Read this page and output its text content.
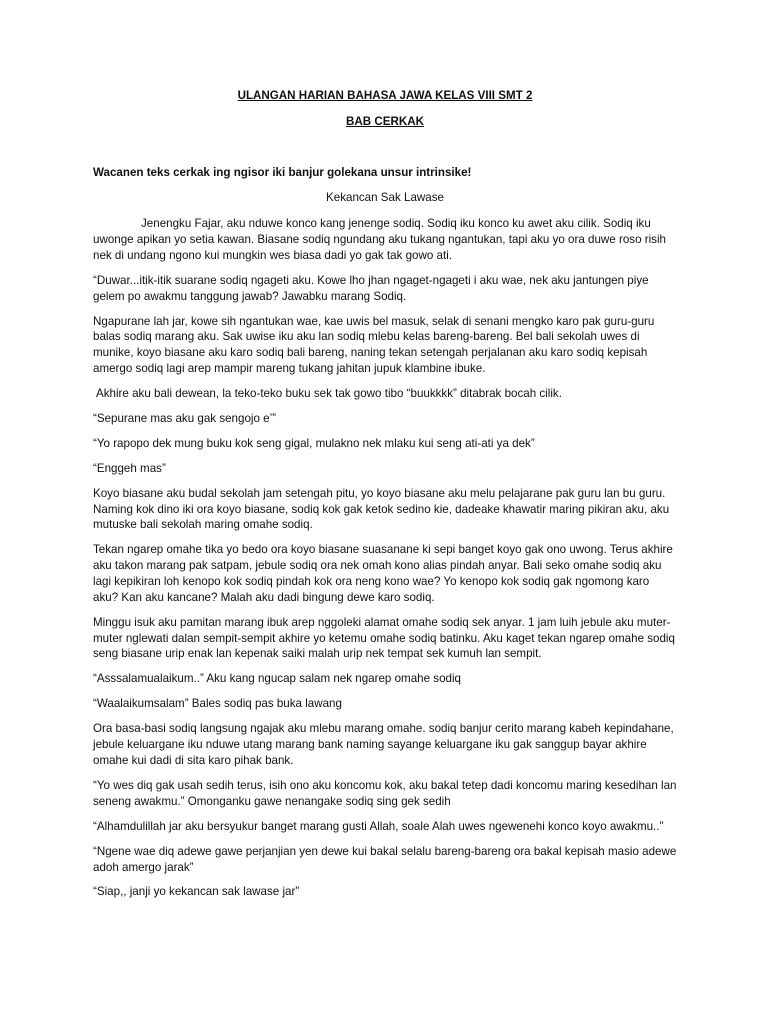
ULANGAN HARIAN BAHASA JAWA KELAS VIII SMT 2

BAB CERKAK

Wacanen teks cerkak ing ngisor iki banjur golekana unsur intrinsike!

Kekancan Sak Lawase

Jenengku Fajar, aku nduwe konco kang jenenge sodiq. Sodiq iku konco ku awet aku cilik. Sodiq iku uwonge apikan yo setia kawan. Biasane sodiq ngundang aku tukang ngantukan, tapi aku yo ora duwe roso risih nek di undang ngono kui mungkin wes biasa dadi yo gak tak gowo ati.

“Duwar...itik-itik suarane sodiq ngageti aku. Kowe lho jhan ngaget-ngageti i aku wae, nek aku jantungen piye gelem po awakmu tanggung jawab? Jawabku marang Sodiq.

Ngapurane lah jar, kowe sih ngantukan wae, kae uwis bel masuk, selak di senani mengko karo pak guru-guru balas sodiq marang aku. Sak uwise iku aku lan sodiq mlebu kelas bareng-bareng. Bel bali sekolah uwes di munike, koyo biasane aku karo sodiq bali bareng, naning tekan setengah perjalanan aku karo sodiq kepisah amergo sodiq lagi arep mampir mareng tukang jahitan jupuk klambine ibuke.

Akhire aku bali dewean, la teko-teko buku sek tak gowo tibo “buukkkk” ditabrak bocah cilik.

“Sepurane mas aku gak sengojo e’”

“Yo rapopo dek mung buku kok seng gigal, mulakno nek mlaku kui seng ati-ati ya dek”

“Enggeh mas”

Koyo biasane aku budal sekolah jam setengah pitu, yo koyo biasane aku melu pelajarane pak guru lan bu guru. Naming kok dino iki ora koyo biasane, sodiq kok gak ketok sedino kie, dadeake khawatir maring pikiran aku, aku mutuske bali sekolah maring omahe sodiq.

Tekan ngarep omahe tika yo bedo ora koyo biasane suasanane ki sepi banget koyo gak ono uwong. Terus akhire aku takon marang pak satpam, jebule sodiq ora nek omah kono alias pindah anyar. Bali seko omahe sodiq aku lagi kepikiran loh kenopo kok sodiq pindah kok ora neng kono wae? Yo kenopo kok sodiq gak ngomong karo aku? Kan aku kancane? Malah aku dadi bingung dewe karo sodiq.

Minggu isuk aku pamitan marang ibuk arep nggoleki alamat omahe sodiq sek anyar. 1 jam luih jebule aku muter-muter nglewati dalan sempit-sempit akhire yo ketemu omahe sodiq batinku. Aku kaget tekan ngarep omahe sodiq seng biasane urip enak lan kepenak saiki malah urip nek tempat sek kumuh lan sempit.

“Asssalamualaikum..” Aku kang ngucap salam nek ngarep omahe sodiq

“Waalaikumsalam” Bales sodiq pas buka lawang

Ora basa-basi sodiq langsung ngajak aku mlebu marang omahe. sodiq banjur cerito marang kabeh kepindahane, jebule keluargane iku nduwe utang marang bank naming sayange keluargane iku gak sanggup bayar akhire omahe kui dadi di sita karo pihak bank.

“Yo wes diq gak usah sedih terus, isih ono aku koncomu kok, aku bakal tetep dadi koncomu maring kesedihan lan seneng awakmu.” Omonganku gawe nenangake sodiq sing gek sedih

“Alhamdulillah jar aku bersyukur banget marang gusti Allah, soale Alah uwes ngewenehi konco koyo awakmu..”

“Ngene wae diq adewe gawe perjanjian yen dewe kui bakal selalu bareng-bareng ora bakal kepisah masio adewe adoh amergo jarak”

“Siap,, janji yo kekancan sak lawase jar”
